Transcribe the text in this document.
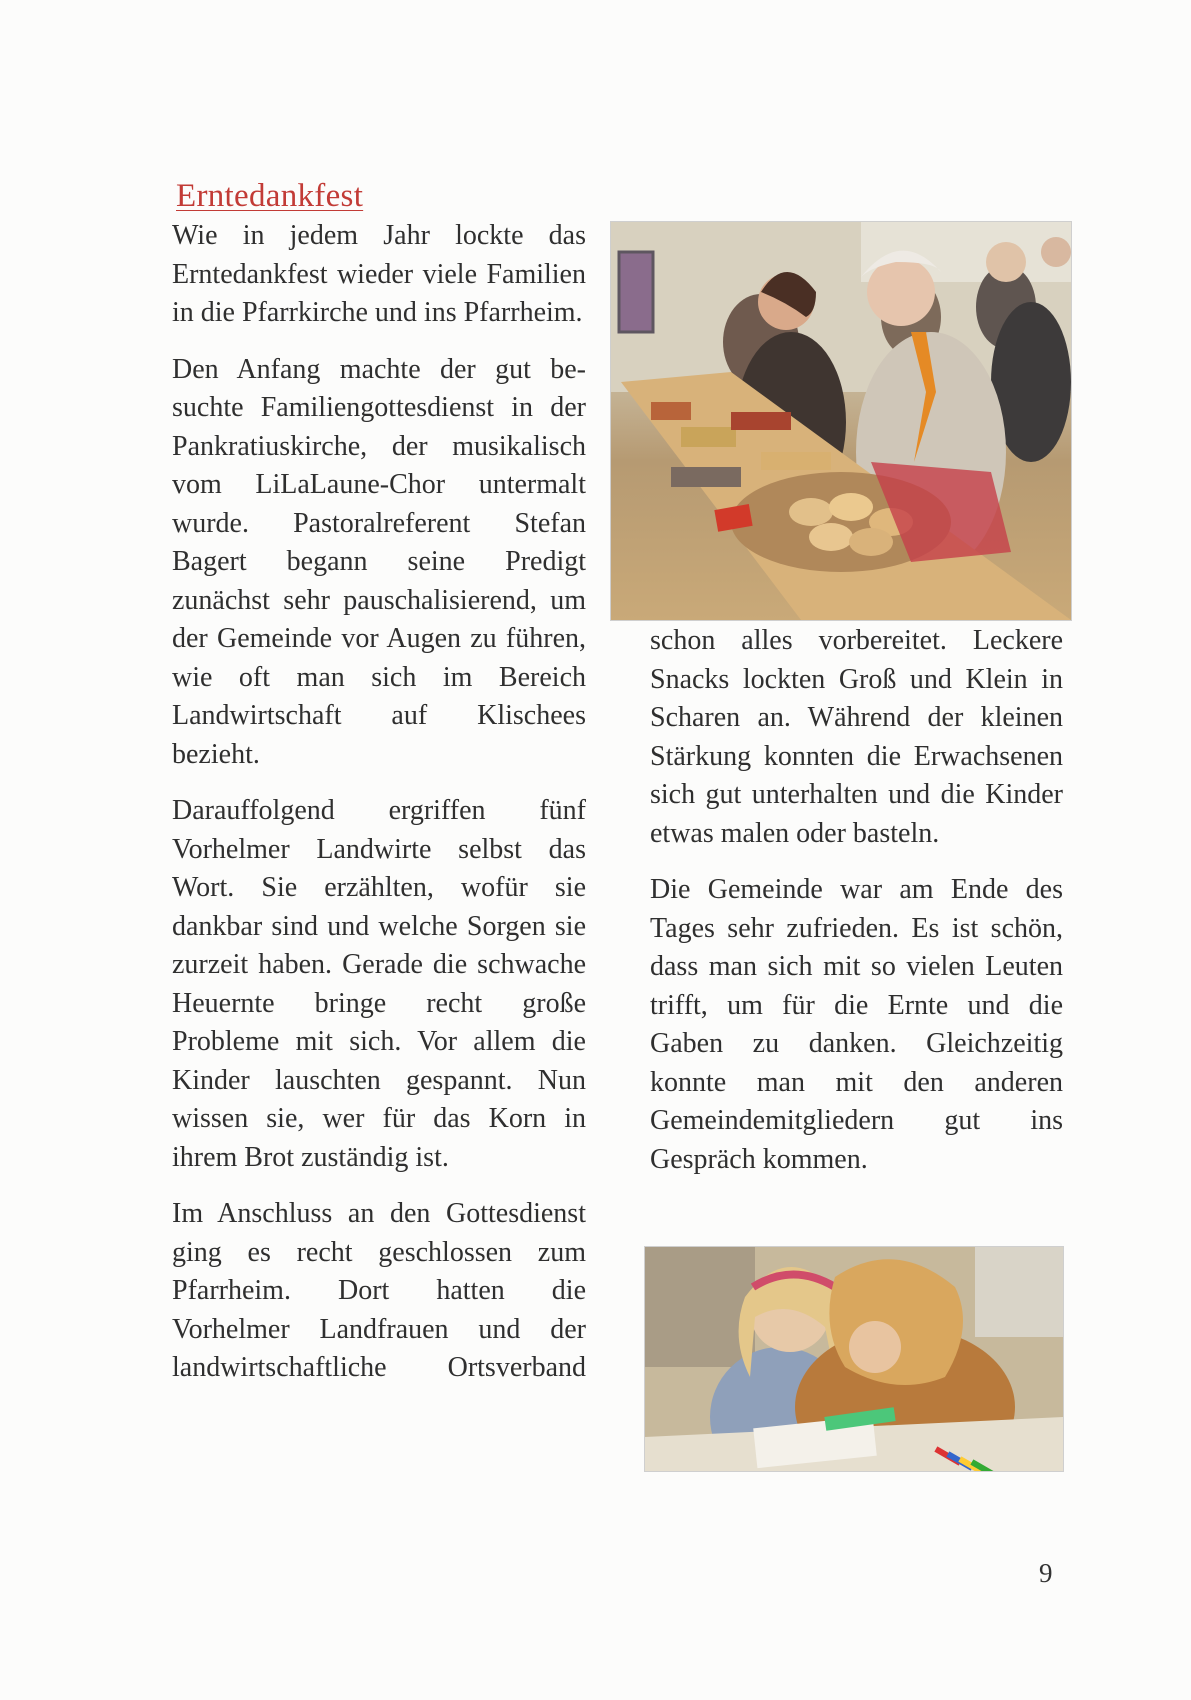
Erntedankfest

Wie in jedem Jahr lockte das Erntedankfest wieder viele Familien in die Pfarrkirche und ins Pfarrheim.

Den Anfang machte der gut besuchte Familiengottesdienst in der Pankratiuskirche, der musikalisch vom LiLaLaune-Chor untermalt wurde. Pastoralreferent Stefan Bagert begann seine Predigt zunächst sehr pauschalisierend, um der Gemeinde vor Augen zu führen, wie oft man sich im Bereich Landwirtschaft auf Klischees bezieht.

Darauffolgend ergriffen fünf Vorhelmer Landwirte selbst das Wort. Sie erzählten, wofür sie dankbar sind und welche Sorgen sie zurzeit haben. Gerade die schwache Heuernte bringe recht große Probleme mit sich. Vor allem die Kinder lauschten gespannt. Nun wissen sie, wer für das Korn in ihrem Brot zuständig ist.

Im Anschluss an den Gottesdienst ging es recht geschlossen zum Pfarrheim. Dort hatten die Vorhelmer Landfrauen und der landwirtschaftliche Ortsverband

schon alles vorbereitet. Leckere Snacks lockten Groß und Klein in Scharen an. Während der kleinen Stärkung konnten die Erwachsenen sich gut unterhalten und die Kinder etwas malen oder basteln.

Die Gemeinde war am Ende des Tages sehr zufrieden. Es ist schön, dass man sich mit so vielen Leuten trifft, um für die Ernte und die Gaben zu danken. Gleichzeitig konnte man mit den anderen Gemeindemitgliedern gut ins Gespräch kommen.

9
